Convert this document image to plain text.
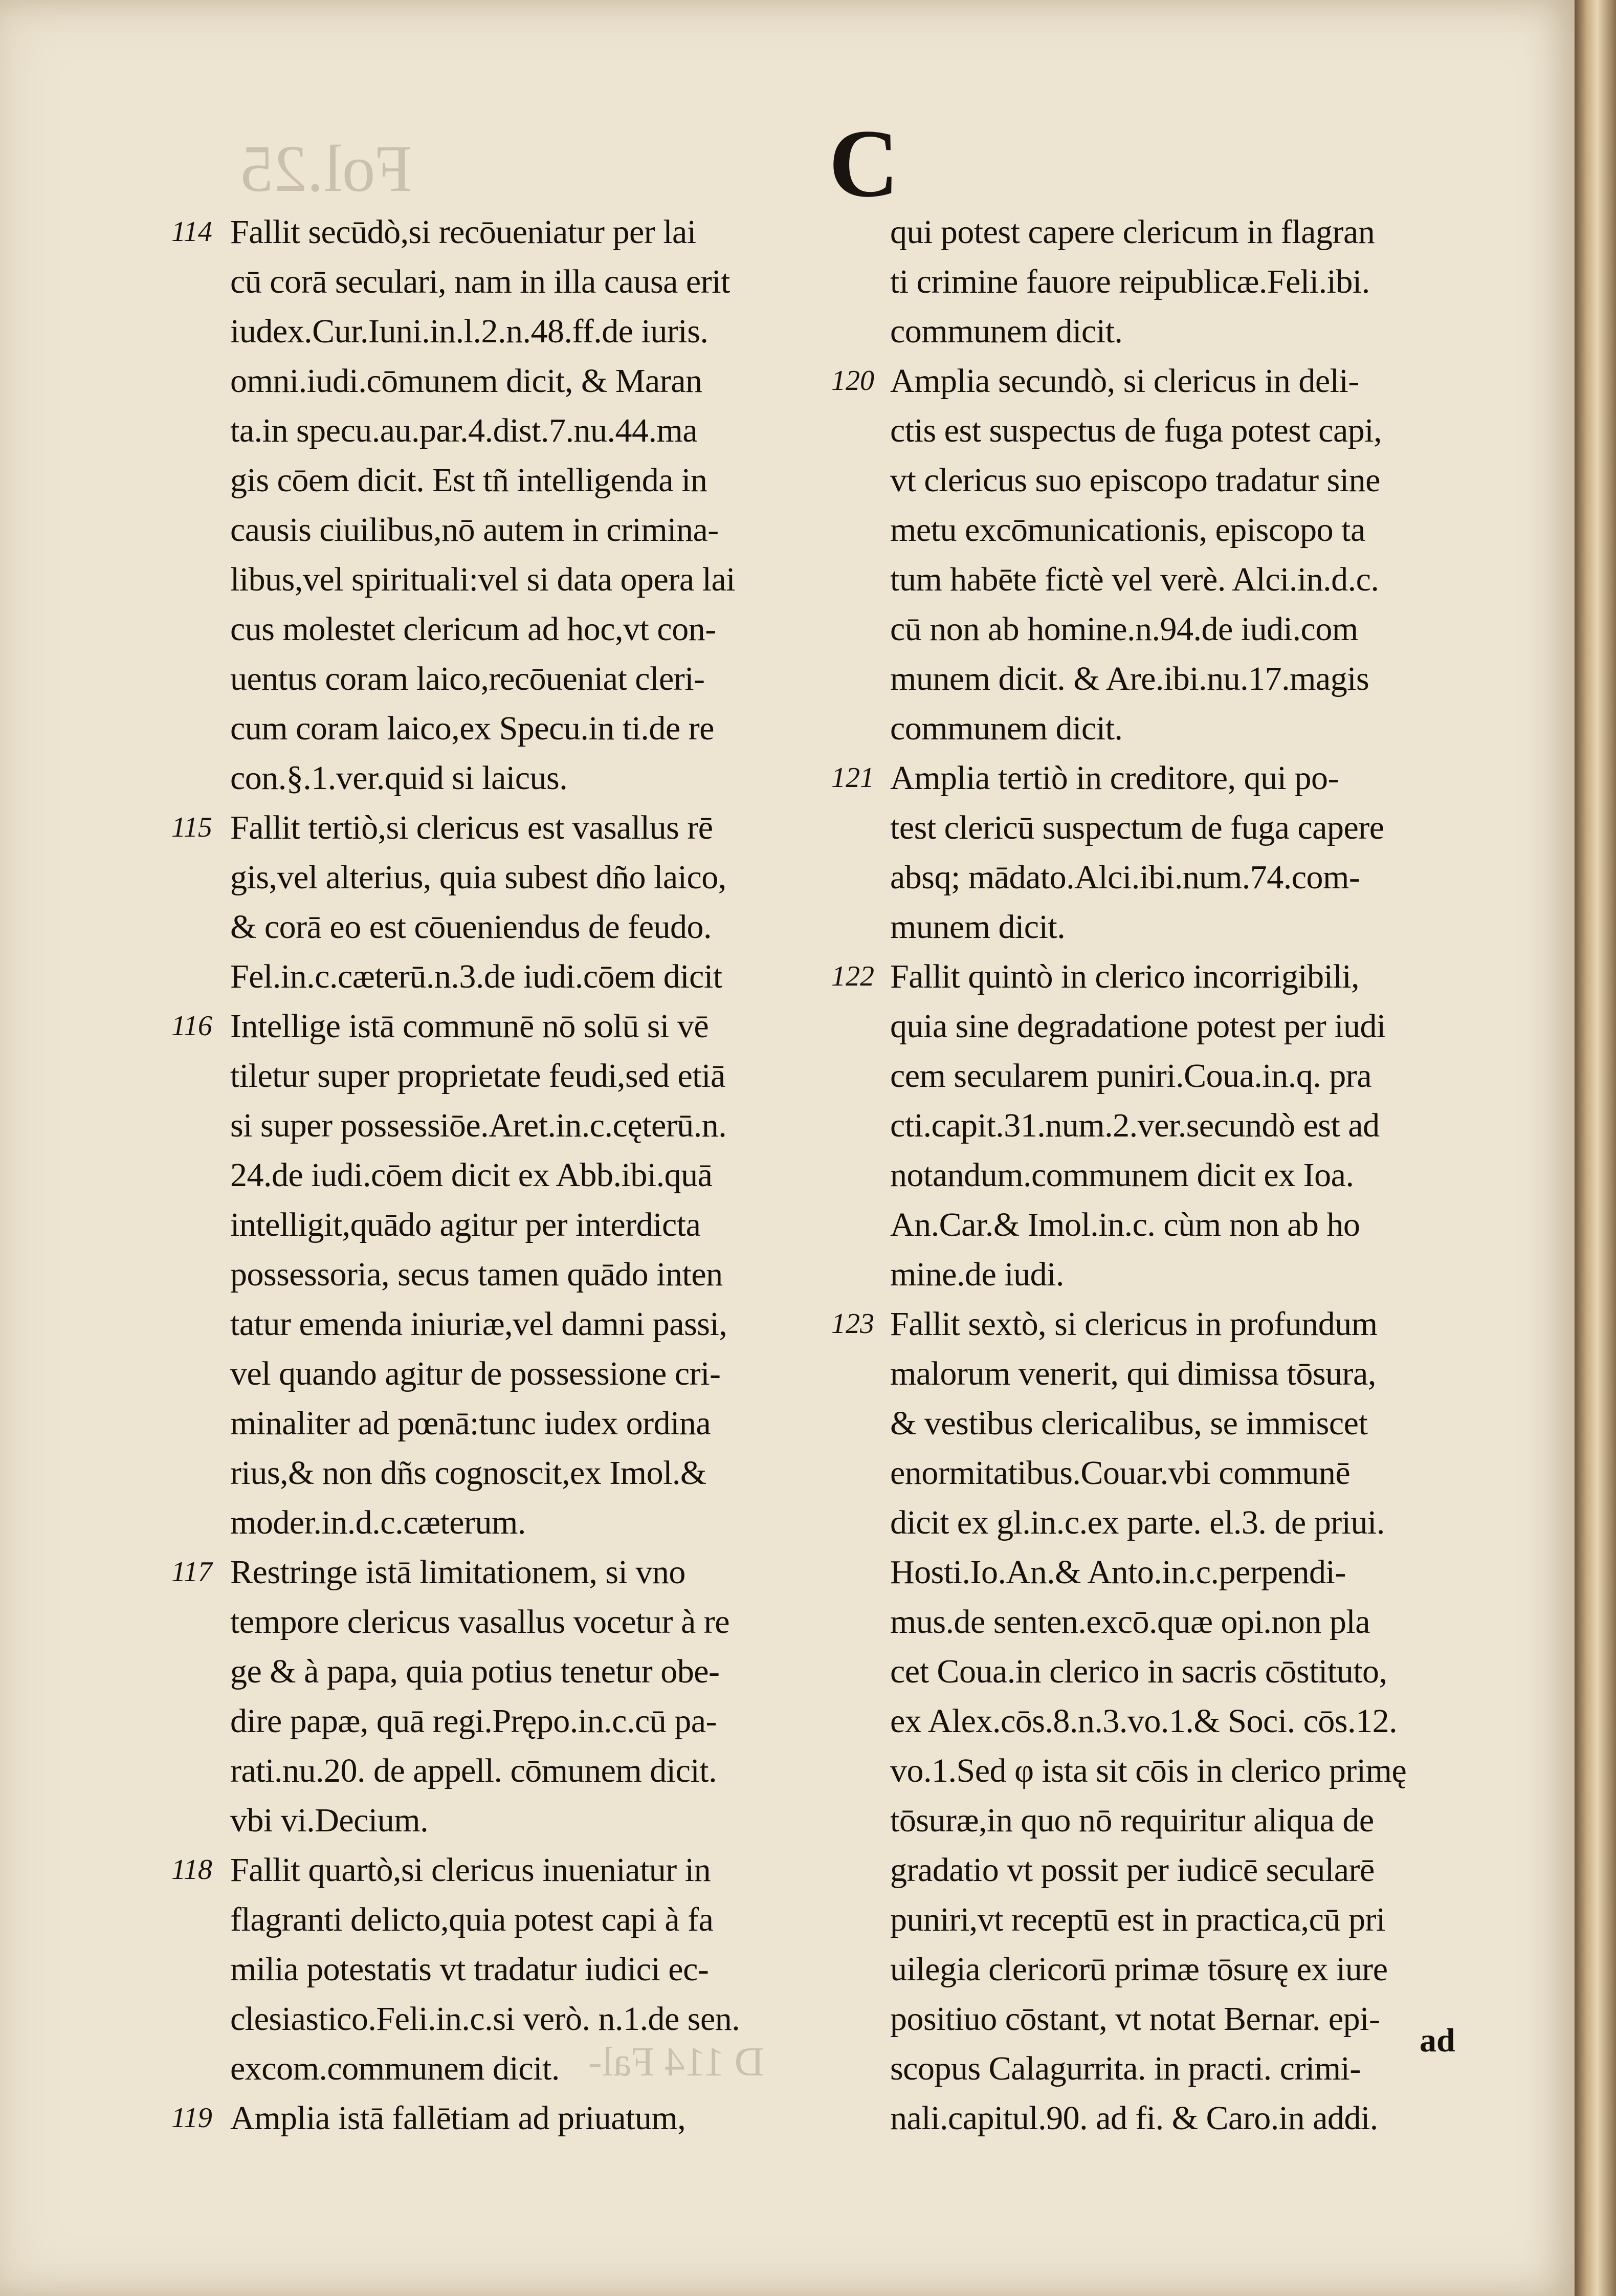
Fol.25
D 114 Fal-
C
114 Fallit secūdò,si recōueniatur per lai
cū corā seculari, nam in illa causa erit
iudex.Cur.Iuni.in.l.2.n.48.ff.de iuris.
omni.iudi.cōmunem dicit, & Maran
ta.in specu.au.par.4.dist.7.nu.44.ma
gis cōem dicit. Est tñ intelligenda in
causis ciuilibus,nō autem in crimina-
libus,vel spirituali:vel si data opera lai
cus molestet clericum ad hoc,vt con-
uentus coram laico,recōueniat cleri-
cum coram laico,ex Specu.in ti.de re
con.§.1.ver.quid si laicus.
115 Fallit tertiò,si clericus est vasallus rē
gis,vel alterius, quia subest dño laico,
& corā eo est cōueniendus de feudo.
Fel.in.c.cæterū.n.3.de iudi.cōem dicit
116 Intellige istā communē nō solū si vē
tiletur super proprietate feudi,sed etiā
si super possessiōe.Aret.in.c.cęterū.n.
24.de iudi.cōem dicit ex Abb.ibi.quā
intelligit,quādo agitur per interdicta
possessoria, secus tamen quādo inten
tatur emenda iniuriæ,vel damni passi,
vel quando agitur de possessione cri-
minaliter ad pœnā:tunc iudex ordina
rius,& non dñs cognoscit,ex Imol.&
moder.in.d.c.cæterum.
117 Restringe istā limitationem, si vno
tempore clericus vasallus vocetur à re
ge & à papa, quia potius tenetur obe-
dire papæ, quā regi.Prępo.in.c.cū pa-
rati.nu.20. de appell. cōmunem dicit.
vbi vi.Decium.
118 Fallit quartò,si clericus inueniatur in
flagranti delicto,quia potest capi à fa
milia potestatis vt tradatur iudici ec-
clesiastico.Feli.in.c.si verò. n.1.de sen.
excom.communem dicit.
119 Amplia istā fallētiam ad priuatum,
qui potest capere clericum in flagran
ti crimine fauore reipublicæ.Feli.ibi.
communem dicit.
120 Amplia secundò, si clericus in deli-
ctis est suspectus de fuga potest capi,
vt clericus suo episcopo tradatur sine
metu excōmunicationis, episcopo ta
tum habēte fictè vel verè. Alci.in.d.c.
cū non ab homine.n.94.de iudi.com
munem dicit. & Are.ibi.nu.17.magis
communem dicit.
121 Amplia tertiò in creditore, qui po-
test clericū suspectum de fuga capere
absq; mādato.Alci.ibi.num.74.com-
munem dicit.
122 Fallit quintò in clerico incorrigibili,
quia sine degradatione potest per iudi
cem secularem puniri.Coua.in.q. pra
cti.capit.31.num.2.ver.secundò est ad
notandum.communem dicit ex Ioa.
An.Car.& Imol.in.c. cùm non ab ho
mine.de iudi.
123 Fallit sextò, si clericus in profundum
malorum venerit, qui dimissa tōsura,
& vestibus clericalibus, se immiscet
enormitatibus.Couar.vbi communē
dicit ex gl.in.c.ex parte. el.3. de priui.
Hosti.Io.An.& Anto.in.c.perpendi-
mus.de senten.excō.quæ opi.non pla
cet Coua.in clerico in sacris cōstituto,
ex Alex.cōs.8.n.3.vo.1.& Soci. cōs.12.
vo.1.Sed φ ista sit cōis in clerico primę
tōsuræ,in quo nō requiritur aliqua de
gradatio vt possit per iudicē secularē
puniri,vt receptū est in practica,cū pri
uilegia clericorū primæ tōsurę ex iure
positiuo cōstant, vt notat Bernar. epi-
scopus Calagurrita. in practi. crimi-
nali.capitul.90. ad fi. & Caro.in addi.
ad
